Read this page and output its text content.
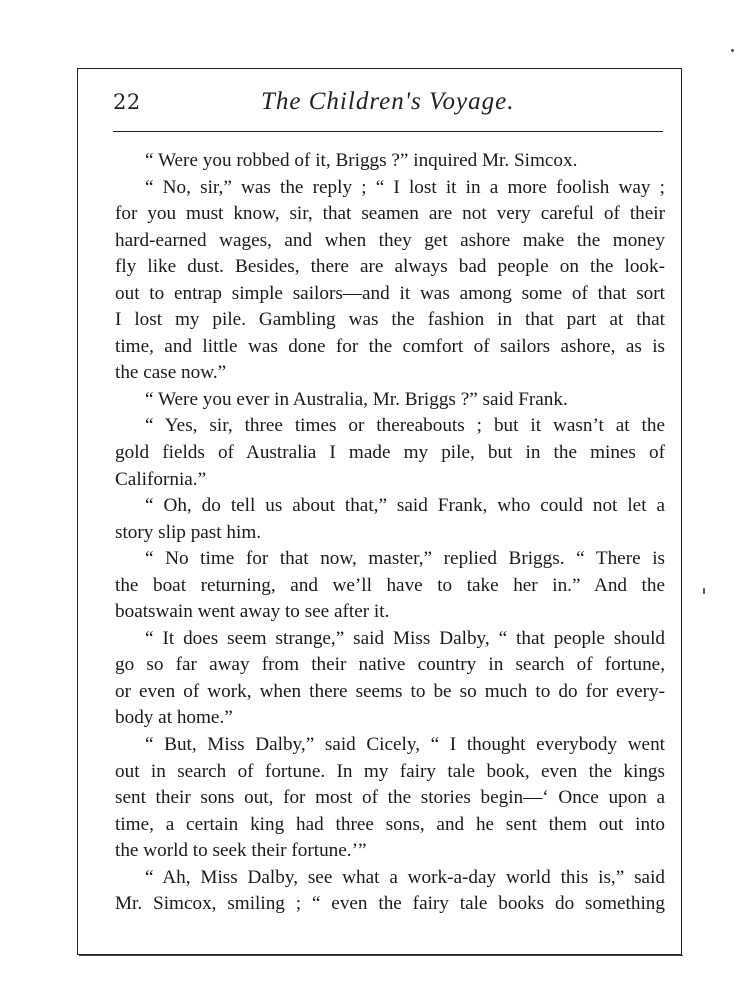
22	The Children's Voyage.
“ Were you robbed of it, Briggs ?” inquired Mr. Simcox.
“ No, sir,” was the reply ; “ I lost it in a more foolish way ;
for you must know, sir, that seamen are not very careful of their
hard-earned wages, and when they get ashore make the money
fly like dust. Besides, there are always bad people on the look-
out to entrap simple sailors—and it was among some of that sort
I lost my pile. Gambling was the fashion in that part at that
time, and little was done for the comfort of sailors ashore, as is
the case now.”
“ Were you ever in Australia, Mr. Briggs ?” said Frank.
“ Yes, sir, three times or thereabouts ; but it wasn’t at the
gold fields of Australia I made my pile, but in the mines of
California.”
“ Oh, do tell us about that,” said Frank, who could not let a
story slip past him.
“ No time for that now, master,” replied Briggs. “ There is
the boat returning, and we’ll have to take her in.” And the
boatswain went away to see after it.
“ It does seem strange,” said Miss Dalby, “ that people should
go so far away from their native country in search of fortune,
or even of work, when there seems to be so much to do for every-
body at home.”
“ But, Miss Dalby,” said Cicely, “ I thought everybody went
out in search of fortune. In my fairy tale book, even the kings
sent their sons out, for most of the stories begin—‘ Once upon a
time, a certain king had three sons, and he sent them out into
the world to seek their fortune.’”
“ Ah, Miss Dalby, see what a work-a-day world this is,” said
Mr. Simcox, smiling ; “ even the fairy tale books do something
